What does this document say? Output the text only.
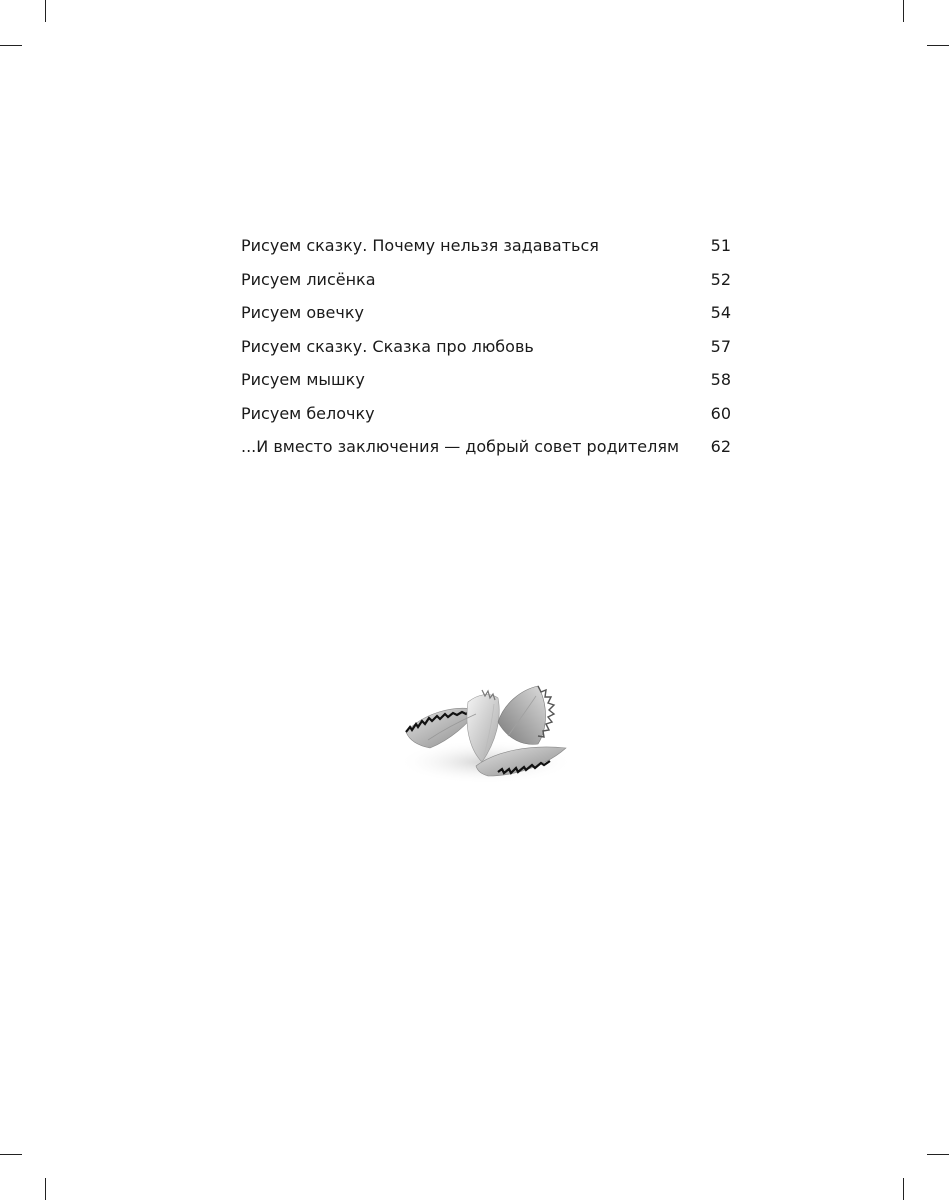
Рисуем сказку. Почему нельзя задаваться	51
Рисуем лисёнка	52
Рисуем овечку	54
Рисуем сказку. Сказка про любовь	57
Рисуем мышку	58
Рисуем белочку	60
...И вместо заключения — добрый совет родителям 62
